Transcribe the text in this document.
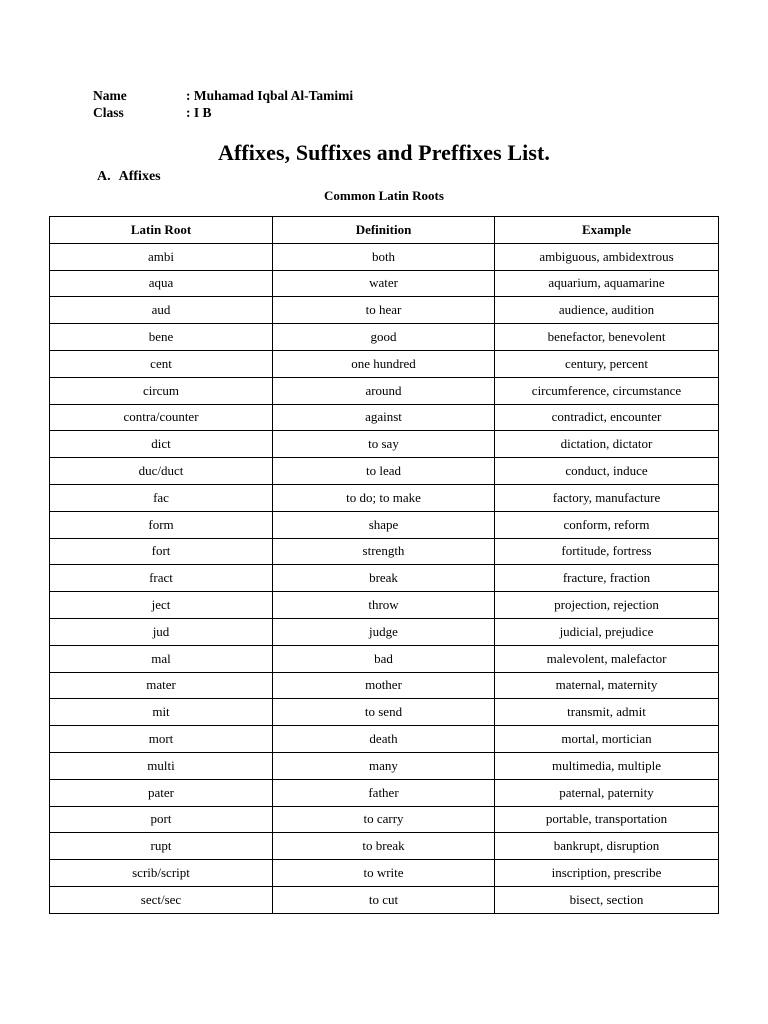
Name	: Muhamad Iqbal Al-Tamimi
Class	: I B
Affixes, Suffixes and Preffixes List.
A. Affixes
Common Latin Roots
Latin Root	Definition	Example
ambi	both	ambiguous, ambidextrous
aqua	water	aquarium, aquamarine
aud	to hear	audience, audition
bene	good	benefactor, benevolent
cent	one hundred	century, percent
circum	around	circumference, circumstance
contra/counter	against	contradict, encounter
dict	to say	dictation, dictator
duc/duct	to lead	conduct, induce
fac	to do; to make	factory, manufacture
form	shape	conform, reform
fort	strength	fortitude, fortress
fract	break	fracture, fraction
ject	throw	projection, rejection
jud	judge	judicial, prejudice
mal	bad	malevolent, malefactor
mater	mother	maternal, maternity
mit	to send	transmit, admit
mort	death	mortal, mortician
multi	many	multimedia, multiple
pater	father	paternal, paternity
port	to carry	portable, transportation
rupt	to break	bankrupt, disruption
scrib/script	to write	inscription, prescribe
sect/sec	to cut	bisect, section
